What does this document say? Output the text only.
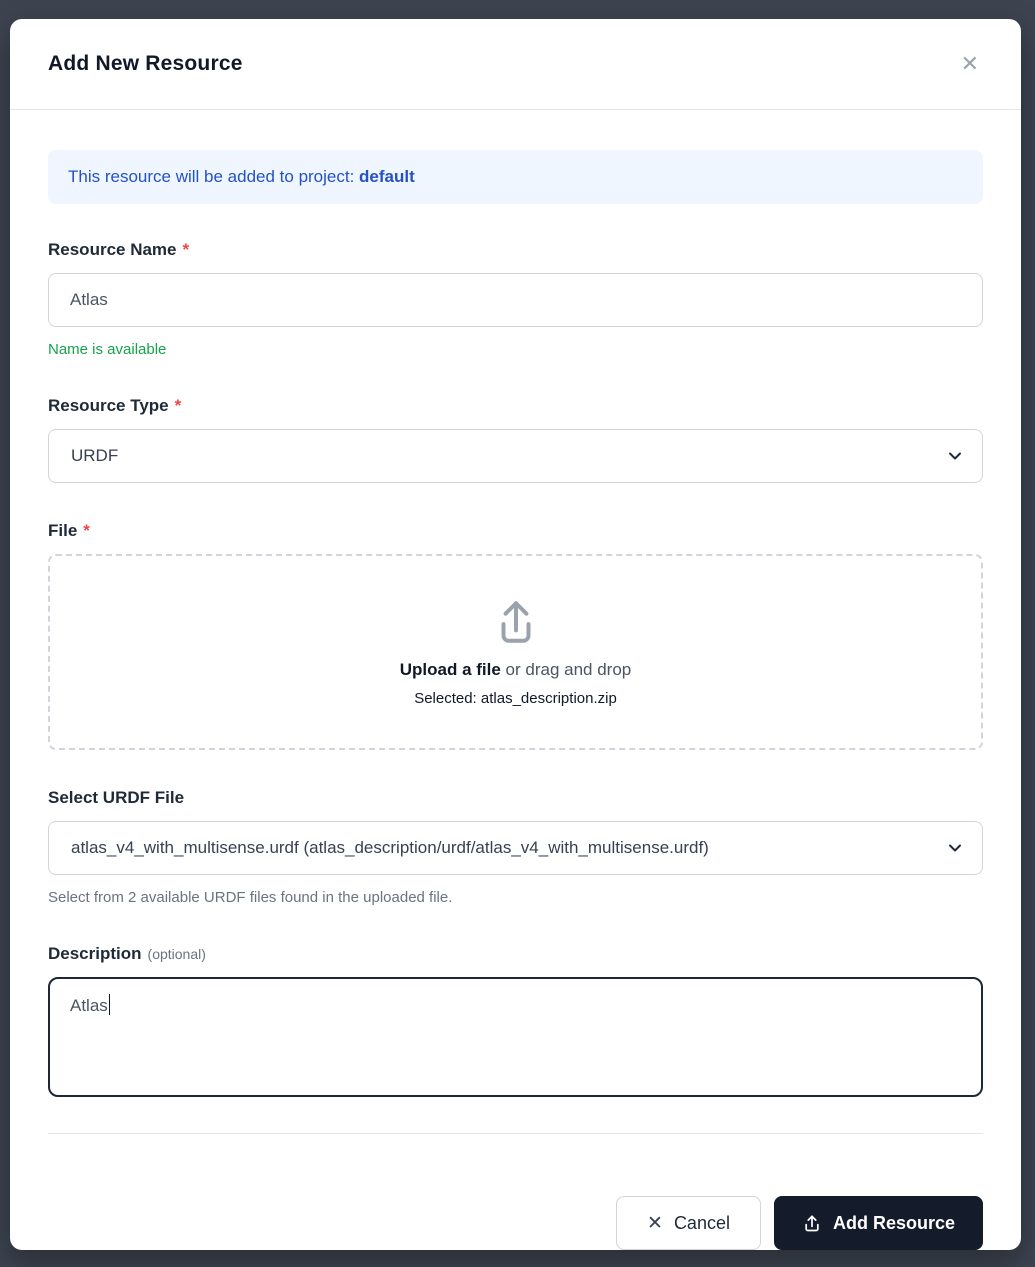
Add New Resource	✕
This resource will be added to project: default
Resource Name *
Atlas
Name is available
Resource Type *
URDF
File *
Upload a file or drag and drop
Selected: atlas_description.zip
Select URDF File
atlas_v4_with_multisense.urdf (atlas_description/urdf/atlas_v4_with_multisense.urdf)
Select from 2 available URDF files found in the uploaded file.
Description (optional)
Atlas
✕ Cancel	Add Resource
